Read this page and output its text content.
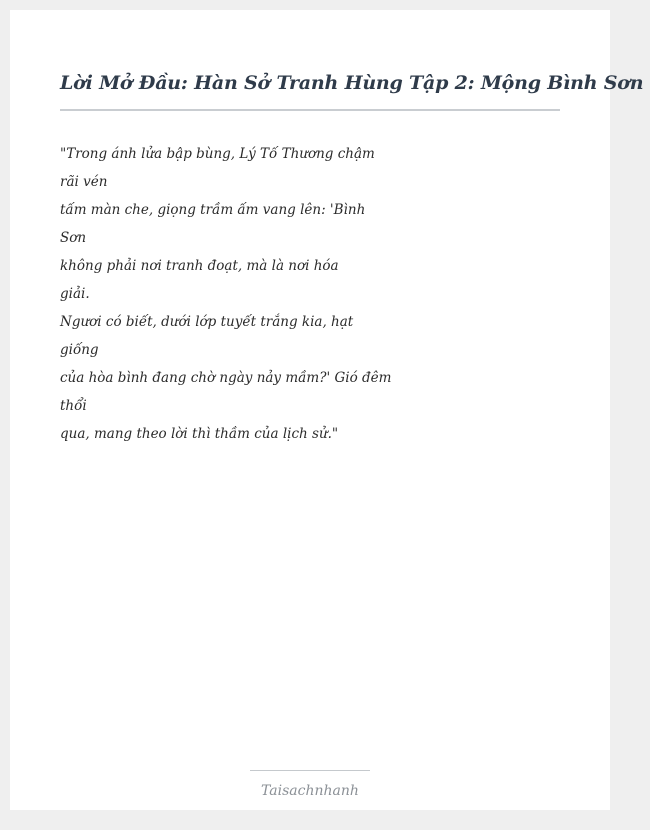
Lời Mở Đầu: Hàn Sở Tranh Hùng Tập 2: Mộng Bình Sơn
"Trong ánh lửa bập bùng, Lý Tố Thương chậm
rãi vén
tấm màn che, giọng trầm ấm vang lên: 'Bình
Sơn
không phải nơi tranh đoạt, mà là nơi hóa
giải.
Ngươi có biết, dưới lớp tuyết trắng kia, hạt
giống
của hòa bình đang chờ ngày nảy mầm?' Gió đêm
thổi
qua, mang theo lời thì thầm của lịch sử."
Taisachnhanh
